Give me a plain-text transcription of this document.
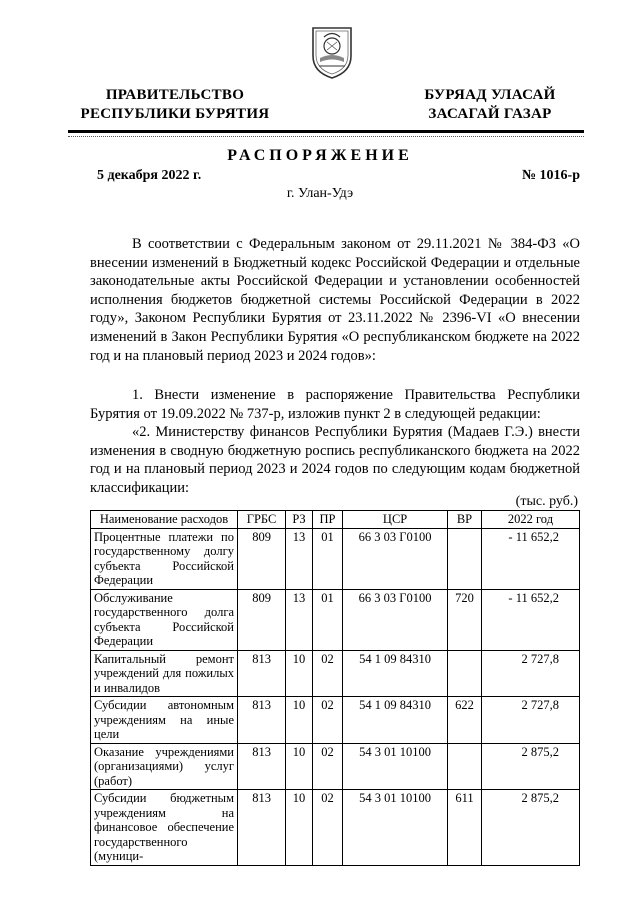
ПРАВИТЕЛЬСТВО
РЕСПУБЛИКИ БУРЯТИЯ
БУРЯАД УЛАСАЙ
ЗАСАГАЙ ГАЗАР
РАСПОРЯЖЕНИЕ
5 декабря 2022 г.	№ 1016-р
г. Улан-Удэ
В соответствии с Федеральным законом от 29.11.2021 № 384-ФЗ «О внесении изменений в Бюджетный кодекс Российской Федерации и отдельные законодательные акты Российской Федерации и установлении особенностей исполнения бюджетов бюджетной системы Российской Федерации в 2022 году», Законом Республики Бурятия от 23.11.2022 № 2396-VI «О внесении изменений в Закон Республики Бурятия «О республиканском бюджете на 2022 год и на плановый период 2023 и 2024 годов»:
1. Внести изменение в распоряжение Правительства Республики Бурятия от 19.09.2022 № 737-р, изложив пункт 2 в следующей редакции:
«2. Министерству финансов Республики Бурятия (Мадаев Г.Э.) внести изменения в сводную бюджетную роспись республиканского бюджета на 2022 год и на плановый период 2023 и 2024 годов по следующим кодам бюджетной классификации:
(тыс. руб.)
Наименование расходов	ГРБС	РЗ	ПР	ЦСР	ВР	2022 год
Процентные платежи по государственному долгу субъекта Российской Федерации	809	13	01	66 3 03 Г0100		- 11 652,2
Обслуживание государственного долга субъекта Российской Федерации	809	13	01	66 3 03 Г0100	720	- 11 652,2
Капитальный ремонт учреждений для пожилых и инвалидов	813	10	02	54 1 09 84310		2 727,8
Субсидии автономным учреждениям на иные цели	813	10	02	54 1 09 84310	622	2 727,8
Оказание учреждениями (организациями) услуг (работ)	813	10	02	54 3 01 10100		2 875,2
Субсидии бюджетным учреждениям на финансовое обеспечение государственного (муници-	813	10	02	54 3 01 10100	611	2 875,2
